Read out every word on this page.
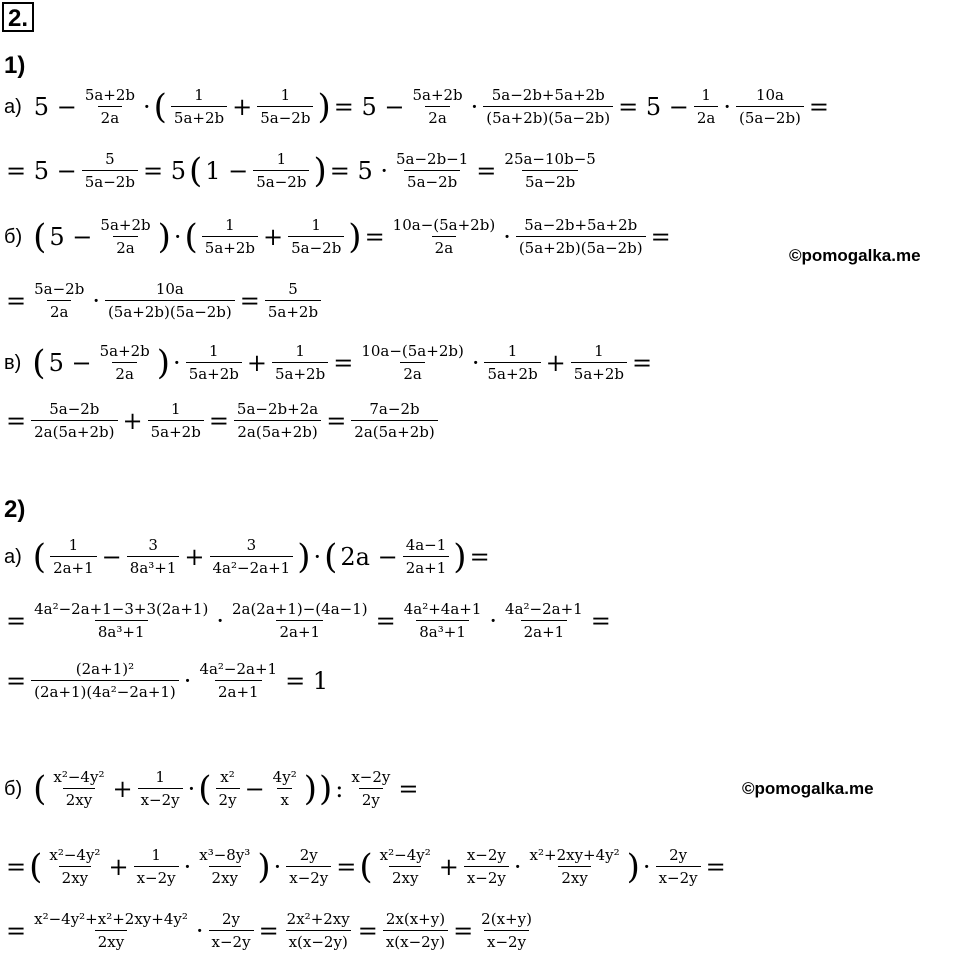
2.
1)
а) $5 - \frac{5a+2b}{2a}$ · ( $\frac{1}{5a+2b} + \frac{1}{5a-2b}$ ) = $5 - \frac{5a+2b}{2a} \cdot \frac{5a-2b+5a+2b}{(5a+2b)(5a-2b)} = 5 - \frac{1}{2a} \cdot \frac{10a}{(5a-2b)}$ =
= $5 - \frac{5}{5a-2b} = 5$ ( $1 - \frac{1}{5a-2b}$ ) = $5 \cdot \frac{5a-2b-1}{5a-2b} = \frac{25a-10b-5}{5a-2b}$
б) ( $5 - \frac{5a+2b}{2a}$ ) · ( $\frac{1}{5a+2b} + \frac{1}{5a-2b}$ ) = $\frac{10a-(5a+2b)}{2a} \cdot \frac{5a-2b+5a+2b}{(5a+2b)(5a-2b)}$ =
©pomogalka.me
= $\frac{5a-2b}{2a} \cdot \frac{10a}{(5a+2b)(5a-2b)} = \frac{5}{5a+2b}$
в) ( $5 - \frac{5a+2b}{2a}$ ) · $\frac{1}{5a+2b} + \frac{1}{5a+2b} = \frac{10a-(5a+2b)}{2a} \cdot \frac{1}{5a+2b} + \frac{1}{5a+2b}$ =
= $\frac{5a-2b}{2a(5a+2b)} + \frac{1}{5a+2b} = \frac{5a-2b+2a}{2a(5a+2b)} = \frac{7a-2b}{2a(5a+2b)}$
2)
а) ( $\frac{1}{2a+1} - \frac{3}{\text{8a³+1}} + \frac{3}{\text{4a²−2a+1}}$ ) · ( $2a - \frac{4a-1}{2a+1}$ ) =
= $\frac{\text{4a²−2a+1−3+3(2a+1)}}{\text{8a³+1}} \cdot \frac{2a(2a+1)-(4a-1)}{2a+1} = \frac{\text{4a²+4a+1}}{\text{8a³+1}} \cdot \frac{\text{4a²−2a+1}}{2a+1}$ =
= $\frac{\text{(2a+1)²}}{\text{(2a+1)(4a²−2a+1)}} \cdot \frac{\text{4a²−2a+1}}{2a+1} = 1$
б) ( $\frac{\text{x²−4y²}}{2xy} + \frac{1}{x-2y}$ · ( $\frac{\text{x²}}{2y} - \frac{\text{4y²}}{x}$ ) ) : $\frac{x-2y}{2y}$ =	©pomogalka.me
= ( $\frac{\text{x²−4y²}}{2xy} + \frac{1}{x-2y} \cdot \frac{\text{x³−8y³}}{2xy}$ ) · $\frac{2y}{x-2y}$ = ( $\frac{\text{x²−4y²}}{2xy} + \frac{x-2y}{x-2y} \cdot \frac{\text{x²+2xy+4y²}}{2xy}$ ) · $\frac{2y}{x-2y}$ =
= $\frac{\text{x²−4y²+x²+2xy+4y²}}{2xy} \cdot \frac{2y}{x-2y} = \frac{\text{2x²+2xy}}{x(x-2y)} = \frac{2x(x+y)}{x(x-2y)} = \frac{2(x+y)}{x-2y}$
